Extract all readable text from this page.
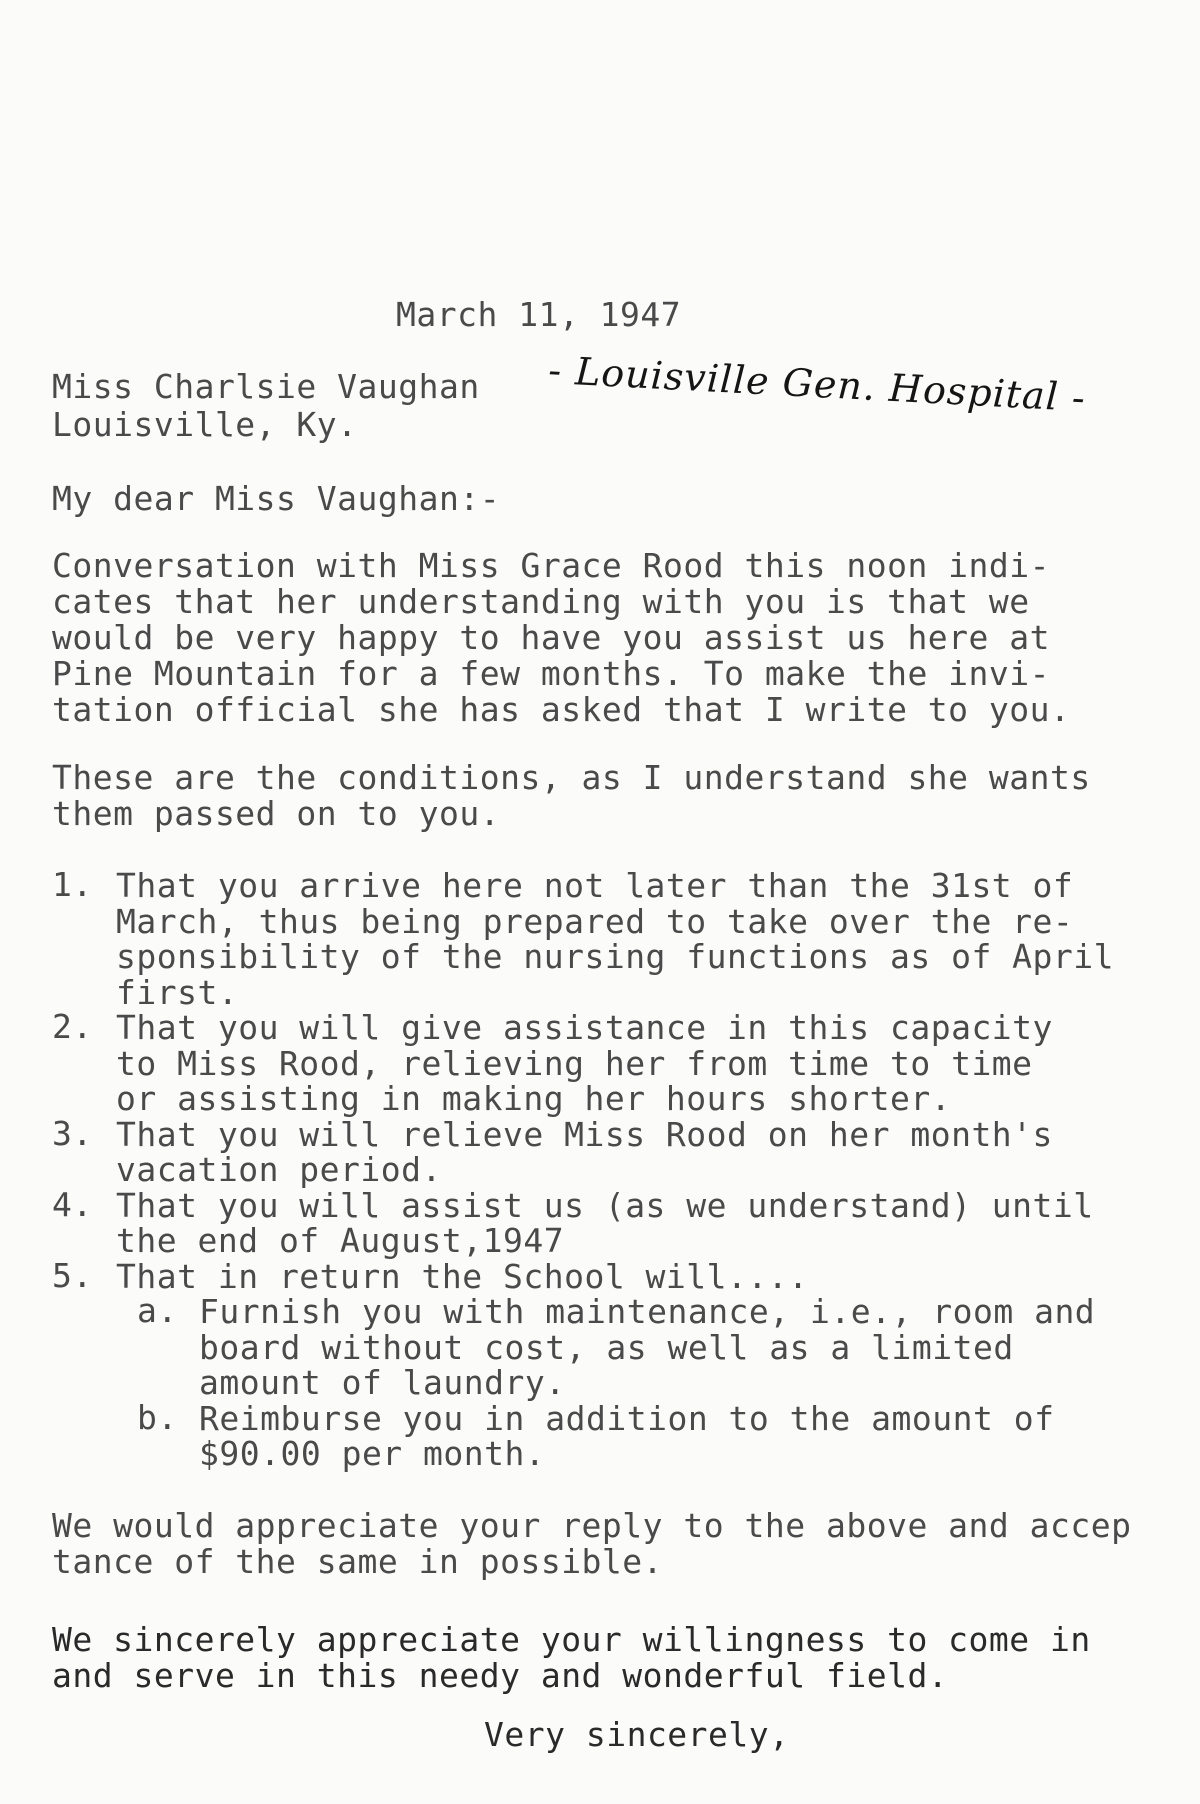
March 11, 1947
Miss Charlsie Vaughan
Louisville, Ky.
- Louisville Gen. Hospital -
My dear Miss Vaughan:-
Conversation with Miss Grace Rood this noon indi-
cates that her understanding with you is that we
would be very happy to have you assist us here at
Pine Mountain for a few months. To make the invi-
tation official she has asked that I write to you.
These are the conditions, as I understand she wants
them passed on to you.
1. That you arrive here not later than the 31st of
March, thus being prepared to take over the re-
sponsibility of the nursing functions as of April
first.
2. That you will give assistance in this capacity
to Miss Rood, relieving her from time to time
or assisting in making her hours shorter.
3. That you will relieve Miss Rood on her month's
vacation period.
4. That you will assist us (as we understand) until
the end of August,1947
5. That in return the School will....
a. Furnish you with maintenance, i.e., room and
board without cost, as well as a limited
amount of laundry.
b. Reimburse you in addition to the amount of
$90.00 per month.
We would appreciate your reply to the above and accep
tance of the same in possible.
We sincerely appreciate your willingness to come in
and serve in this needy and wonderful field.
Very sincerely,
